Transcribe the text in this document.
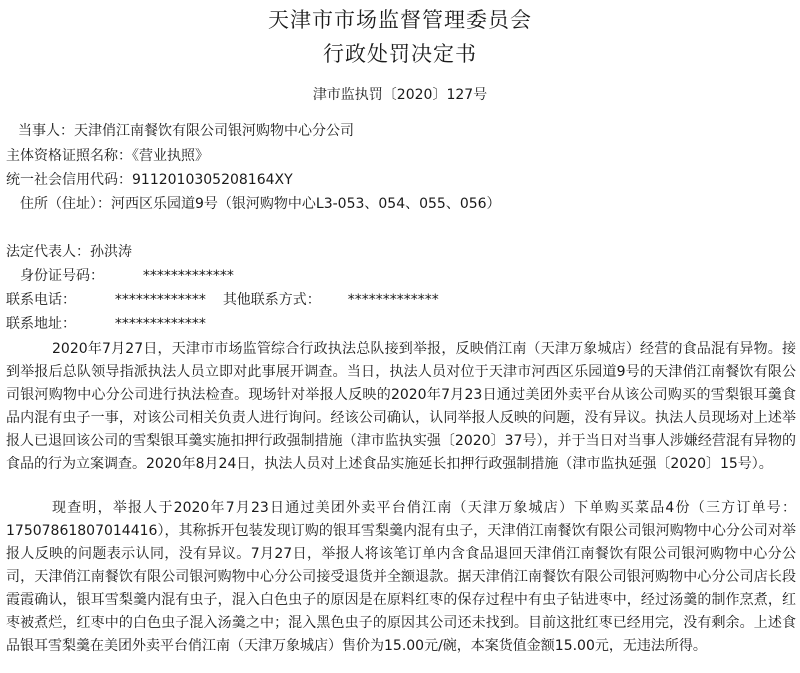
天津市市场监督管理委员会
行政处罚决定书
津市监执罚〔2020〕127号
当事人：天津俏江南餐饮有限公司银河购物中心分公司
主体资格证照名称：《营业执照》
统一社会信用代码：911201030520816​4XY
住所（住址）：河西区乐园道9号（银河购物中心L3-053、054、055、056）
法定代表人：孙洪涛
身份证号码：	*************
联系电话：	************* 其他联系方式： *************
联系地址：	*************
2020年7月27日，天津市市场监管综合行政执法总队接到举报，反映俏江南（天津万象城店）经营的食品混有异物。接到举报后总队领导指派执法人员立即对此事展开调查。当日，执法人员对位于天津市河西区乐园道9号的天津俏江南餐饮有限公司银河购物中心分公司进行执法检查。现场针对举报人反映的2020年7月23日通过美团外卖平台从该公司购买的雪梨银耳羹食品内混有虫子一事，对该公司相关负责人进行询问。经该公司确认，认同举报人反映的问题，没有异议。执法人员现场对上述举报人已退回该公司的雪梨银耳羹实施扣押行政强制措施（津市监执实强〔2020〕37号），并于当日对当事人涉嫌经营混有异物的食品的行为立案调查。2020年8月24日，执法人员对上述食品实施延长扣押行政强制措施（津市监执延强〔2020〕15号）。
现查明，举报人于2020年7月23日通过美团外卖平台俏江南（天津万象城店）下单购买菜品4份（三方订单号：17507861807014416），其称拆开包装发现订购的银耳雪梨羹内混有虫子，天津俏江南餐饮有限公司银河购物中心分公司对举报人反映的问题表示认同，没有异议。7月27日，举报人将该笔订单内含食品退回天津俏江南餐饮有限公司银河购物中心分公司，天津俏江南餐饮有限公司银河购物中心分公司接受退货并全额退款。据天津俏江南餐饮有限公司银河购物中心分公司店长段霞霞确认，银耳雪梨羹内混有虫子，混入白色虫子的原因是在原料红枣的保存过程中有虫子钻进枣中，经过汤羹的制作烹煮，红枣被煮烂，红枣中的白色虫子混入汤羹之中；混入黑色虫子的原因其公司还未找到。目前这批红枣已经用完，没有剩余。上述食品银耳雪梨羹在美团外卖平台俏江南（天津万象城店）售价为15.00元/碗，本案货值金额15.00元，无违法所得。
